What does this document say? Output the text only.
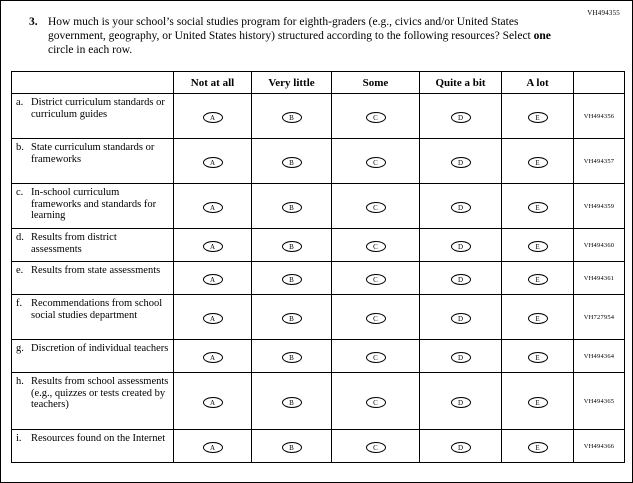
VH494355
3. How much is your school’s social studies program for eighth-graders (e.g., civics and/or United States government, geography, or United States history) structured according to the following resources? Select one circle in each row.
	Not at all	Very little	Some	Quite a bit	A lot	

a. District curriculum standards or curriculum guides	A	B	C	D	E	VH494356

b. State curriculum standards or frameworks	A	B	C	D	E	VH494357

c. In-school curriculum frameworks and standards for learning	A	B	C	D	E	VH494359

d. Results from district assessments	A	B	C	D	E	VH494360

e. Results from state assessments	A	B	C	D	E	VH494361

f. Recommendations from school social studies department	A	B	C	D	E	VH727954

g. Discretion of individual teachers	A	B	C	D	E	VH494364

h. Results from school assessments (e.g., quizzes or tests created by teachers)	A	B	C	D	E	VH494365

i. Resources found on the Internet	A	B	C	D	E	VH494366
